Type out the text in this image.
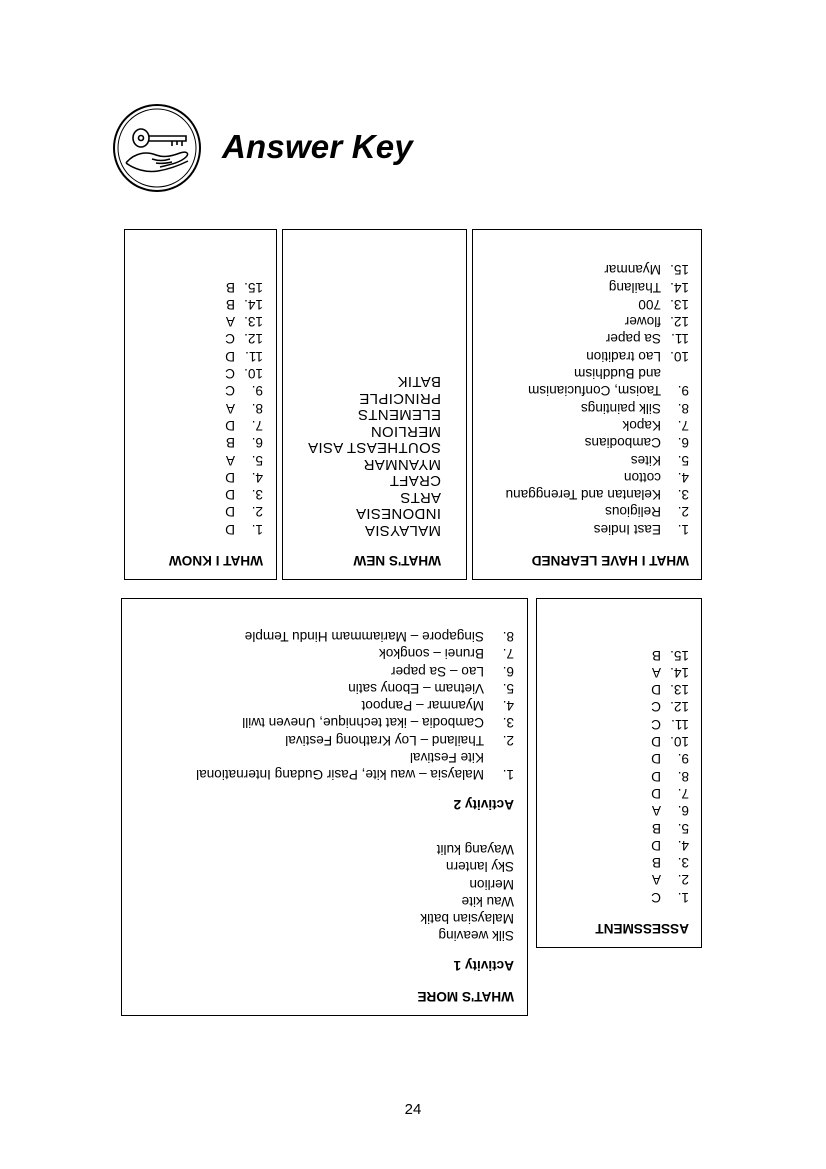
Answer Key
WHAT I KNOW
1.
D
2.
D
3.
D
4.
D
5.
A
6.
B
7.
D
8.
A
9.
C
10.
C
11.
D
12.
C
13.
A
14.
B
15.
B
WHAT'S NEW
MALAYSIA
INDONESIA
ARTS
CRAFT
MYANMAR
SOUTHEAST ASIA
MERLION
ELEMENTS
PRINCIPLE
BATIK
WHAT I HAVE LEARNED
1.
East Indies
2.
Religious
3.
Kelantan and Terengganu
4.
cotton
5.
Kites
6.
Cambodians
7.
Kapok
8.
Silk paintings
9.
Taoism, Confucianism
and Buddhism
10.
Lao tradition
11.
Sa paper
12.
flower
13.
700
14.
Thailang
15.
Myanmar
WHAT'S MORE
Activity 1
Silk weaving
Malaysian batik
Wau kite
Merlion
Sky lantern
Wayang kulit
Activity 2
1.
Malaysia – wau kite, Pasir Gudang International
Kite Festival
2.
Thailand – Loy Krathong Festival
3.
Cambodia – ikat technique, Uneven twill
4.
Myanmar – Panpoot
5.
Vietnam – Ebony satin
6.
Lao – Sa paper
7.
Brunei – songkok
8.
Singapore – Mariammam Hindu Temple
ASSESSMENT
1.
C
2.
A
3.
B
4.
D
5.
B
6.
A
7.
D
8.
D
9.
D
10.
D
11.
C
12.
C
13.
D
14.
A
15.
B
24
